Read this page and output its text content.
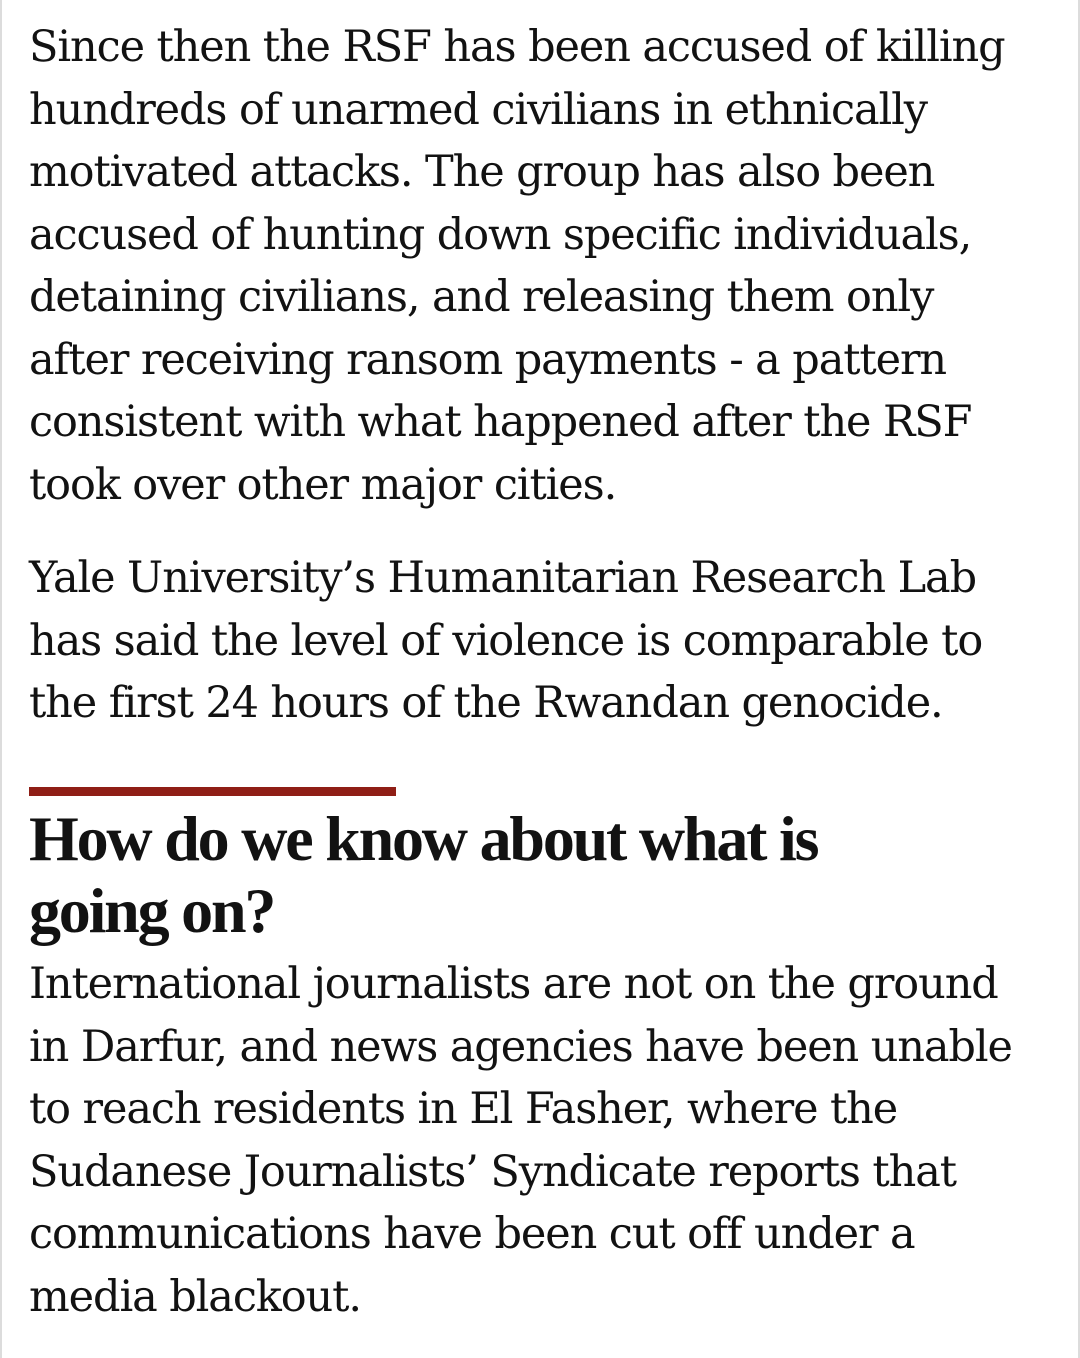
Since then the RSF has been accused of killing
hundreds of unarmed civilians in ethnically
motivated attacks. The group has also been
accused of hunting down specific individuals,
detaining civilians, and releasing them only
after receiving ransom payments - a pattern
consistent with what happened after the RSF
took over other major cities.

Yale University’s Humanitarian Research Lab
has said the level of violence is comparable to
the first 24 hours of the Rwandan genocide.

How do we know about what is
going on?

International journalists are not on the ground
in Darfur, and news agencies have been unable
to reach residents in El Fasher, where the
Sudanese Journalists’ Syndicate reports that
communications have been cut off under a
media blackout.
